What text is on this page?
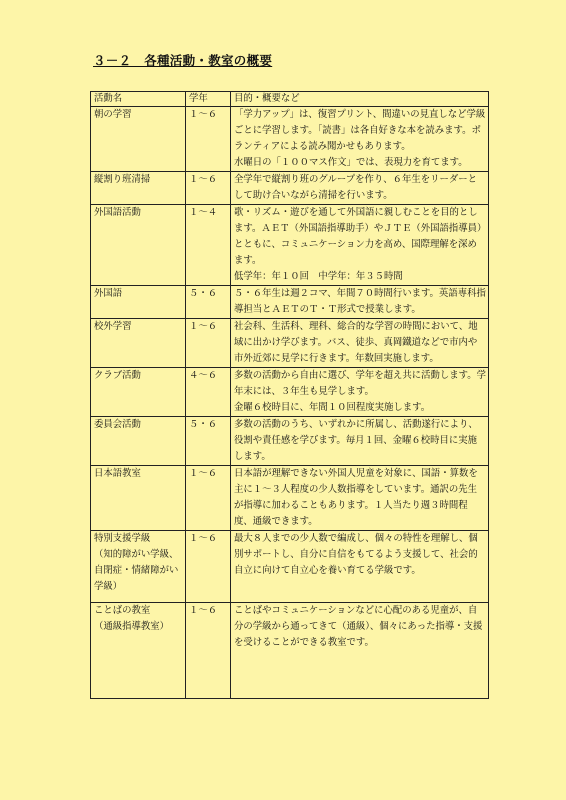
３－２　各種活動・教室の概要
活動名	学年	目的・概要など
朝の学習	１～６	「学力アップ」は、復習プリント、間違いの見直しなど学級ごとに学習します。「読書」は各自好きな本を読みます。ボランティアによる読み聞かせもあります。
水曜日の「１００マス作文」では、表現力を育てます。
縦割り班清掃	１～６	全学年で縦割り班のグループを作り、６年生をリーダーとして助け合いながら清掃を行います。
外国語活動	１～４	歌・リズム・遊びを通して外国語に親しむことを目的とします。ＡＥＴ（外国語指導助手）やＪＴＥ（外国語指導員）とともに、コミュニケーション力を高め、国際理解を深めます。
低学年：年１０回　中学年：年３５時間
外国語	５・６	５・６年生は週２コマ、年間７０時間行います。英語専科指導担当とＡＥＴのＴ・Ｔ形式で授業します。
校外学習	１～６	社会科、生活科、理科、総合的な学習の時間において、地域に出かけ学びます。バス、徒歩、真岡鐵道などで市内や市外近郊に見学に行きます。年数回実施します。
クラブ活動	４～６	多数の活動から自由に選び、学年を超え共に活動します。学年末には、３年生も見学します。
金曜６校時目に、年間１０回程度実施します。
委員会活動	５・６	多数の活動のうち、いずれかに所属し、活動遂行により、役割や責任感を学びます。毎月１回、金曜６校時目に実施します。
日本語教室	１～６	日本語が理解できない外国人児童を対象に、国語・算数を主に１～３人程度の少人数指導をしています。通訳の先生が指導に加わることもあります。１人当たり週３時間程度、通級できます。
特別支援学級
（知的障がい学級、自閉症・情緒障がい学級）	１～６	最大８人までの少人数で編成し、個々の特性を理解し、個別サポートし、自分に自信をもてるよう支援して、社会的自立に向けて自立心を養い育てる学級です。
ことばの教室
（通級指導教室）	１～６	ことばやコミュニケーションなどに心配のある児童が、自分の学級から通ってきて（通級）、個々にあった指導・支援を受けることができる教室です。
